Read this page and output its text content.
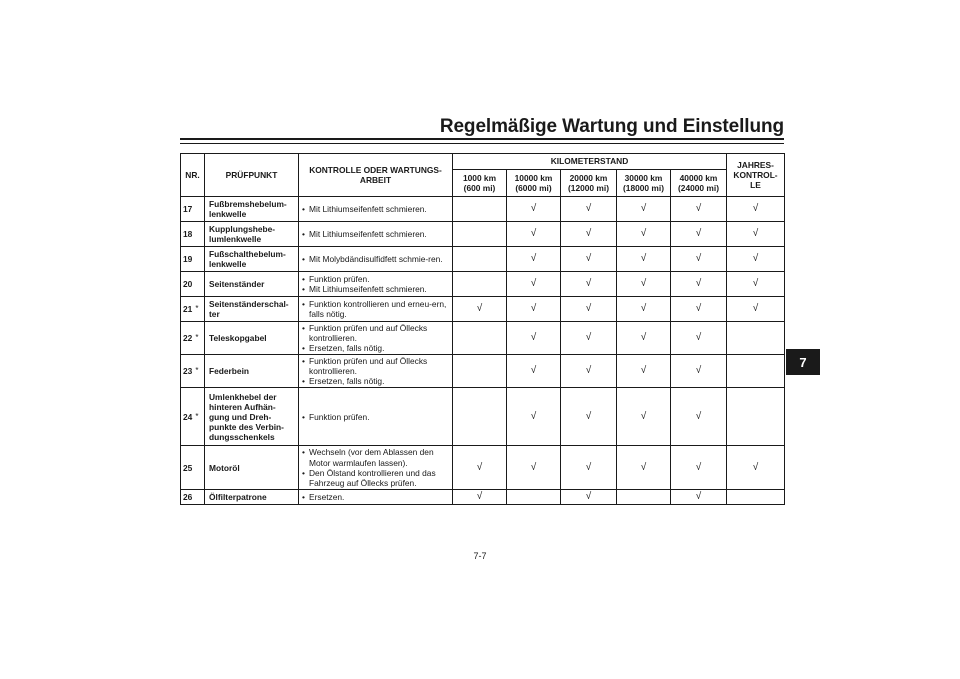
Regelmäßige Wartung und Einstellung
7
NR.	PRÜFPUNKT	KONTROLLE ODER WARTUNGS-ARBEIT	KILOMETERSTAND					JAHRES-KONTROL-LE
			1000 km (600 mi)	10000 km (6000 mi)	20000 km (12000 mi)	30000 km (18000 mi)	40000 km (24000 mi)	
17	Fußbremshebelum-lenkwelle	• Mit Lithiumseifenfett schmieren.		√	√	√	√	√
18	Kupplungshebe-lumlenkwelle	• Mit Lithiumseifenfett schmieren.		√	√	√	√	√
19	Fußschalthebelum-lenkwelle	• Mit Molybdändisulfidfett schmie-ren.		√	√	√	√	√
20	Seitenständer	• Funktion prüfen.
• Mit Lithiumseifenfett schmieren.		√	√	√	√	√
21 *	Seitenständerschal-ter	• Funktion kontrollieren und erneu-ern, falls nötig.	√	√	√	√	√	√
22 *	Teleskopgabel	• Funktion prüfen und auf Öllecks kontrollieren.
• Ersetzen, falls nötig.		√	√	√	√	
23 *	Federbein	• Funktion prüfen und auf Öllecks kontrollieren.
• Ersetzen, falls nötig.		√	√	√	√	
24 *	Umlenkhebel der hinteren Aufhän-gung und Dreh-punkte des Verbin-dungsschenkels	• Funktion prüfen.		√	√	√	√	
25	Motoröl	• Wechseln (vor dem Ablassen den Motor warmlaufen lassen).
• Den Ölstand kontrollieren und das Fahrzeug auf Öllecks prüfen.	√	√	√	√	√	√
26	Ölfilterpatrone	• Ersetzen.	√		√		√	
7-7
